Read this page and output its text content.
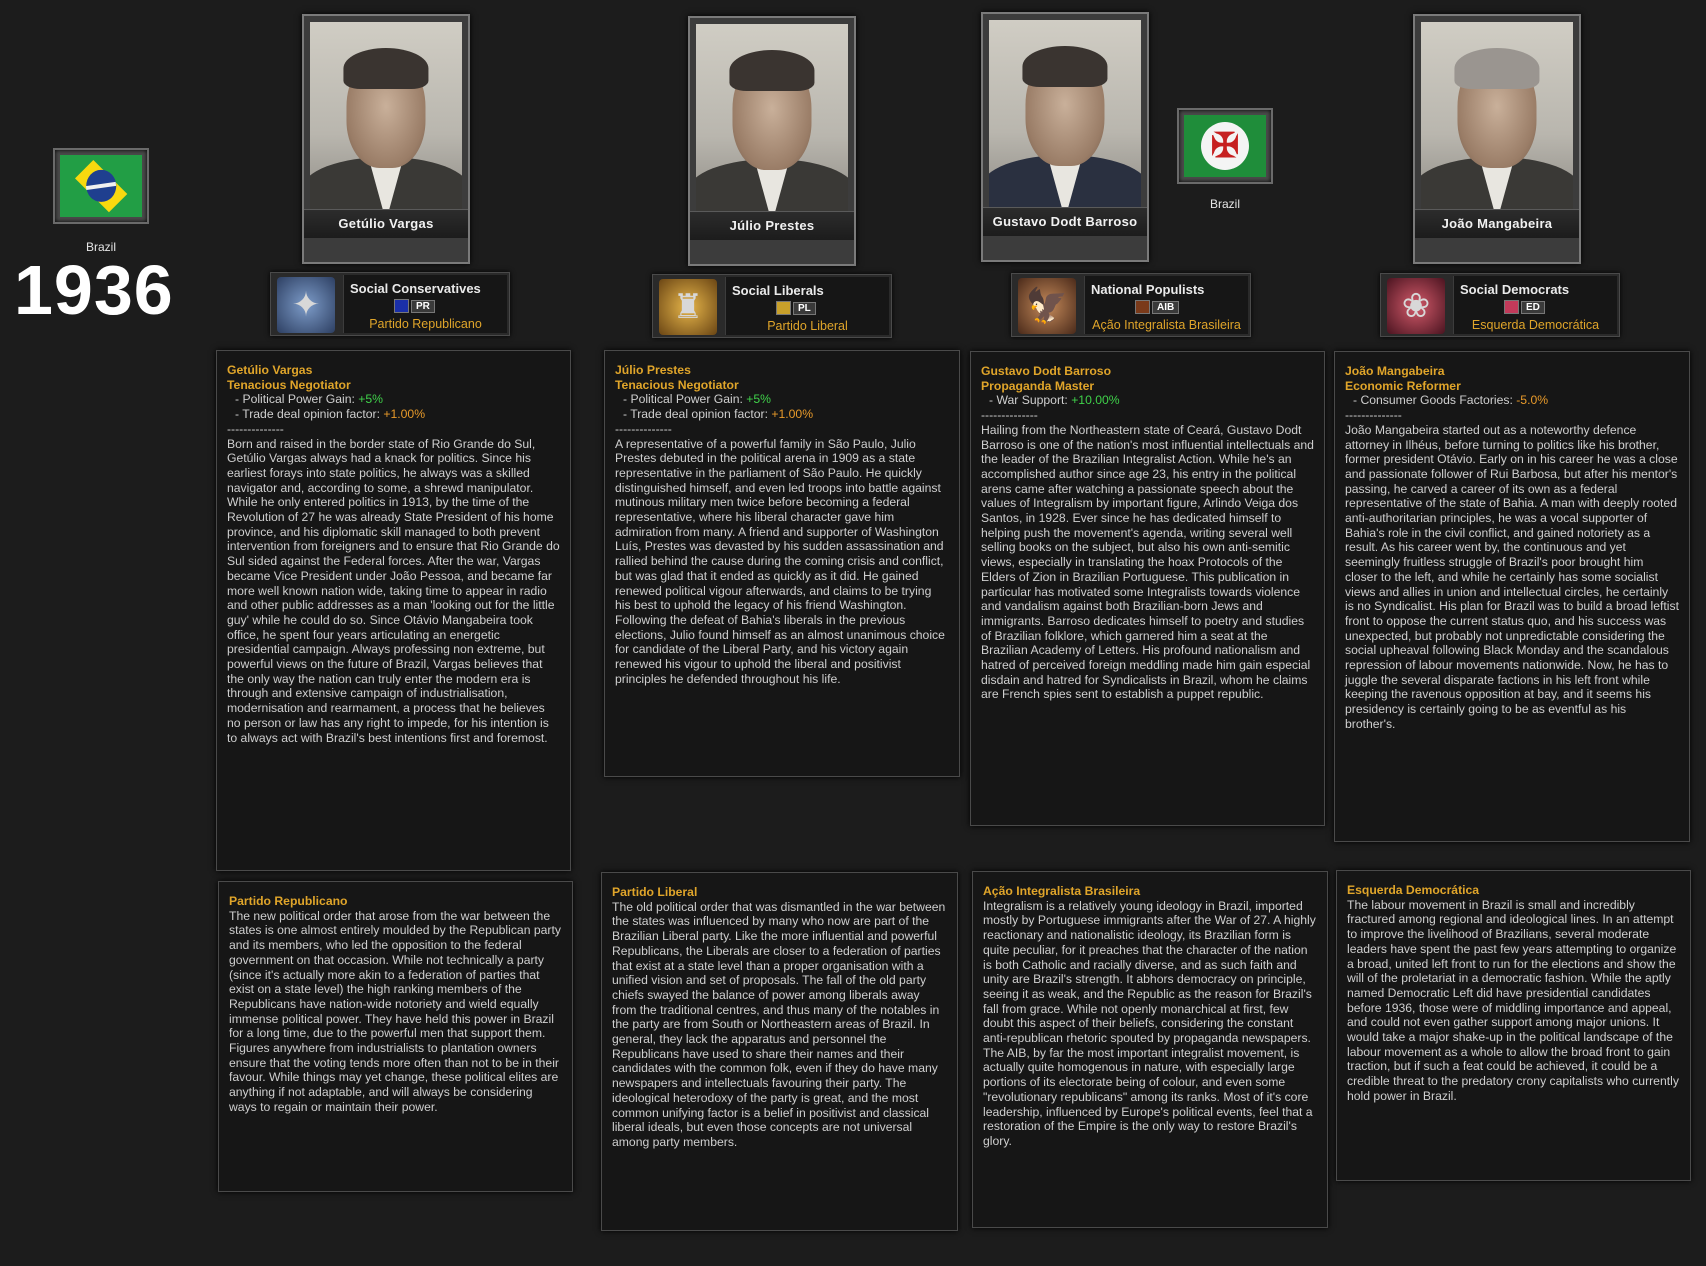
Brazil
1936
✠
Brazil
Getúlio Vargas	Júlio Prestes	Gustavo Dodt Barroso	João Mangabeira
✦	Social Conservatives
PR
Partido Republicano	♜	Social Liberals
PL
Partido Liberal
🦅	National Populists
AIB
Ação Integralista Brasileira	❀	Social Democrats
ED
Esquerda Democrática
Getúlio Vargas
Tenacious Negotiator
- Political Power Gain: +5%
- Trade deal opinion factor: +1.00%
--------------
Born and raised in the border state of Rio Grande do Sul, Getúlio Vargas always had a knack for politics. Since his earliest forays into state politics, he always was a skilled navigator and, according to some, a shrewd manipulator. While he only entered politics in 1913, by the time of the Revolution of 27 he was already State President of his home province, and his diplomatic skill managed to both prevent intervention from foreigners and to ensure that Rio Grande do Sul sided against the Federal forces. After the war, Vargas became Vice President under João Pessoa, and became far more well known nation wide, taking time to appear in radio and other public addresses as a man 'looking out for the little guy' while he could do so. Since Otávio Mangabeira took office, he spent four years articulating an energetic presidential campaign. Always professing non extreme, but powerful views on the future of Brazil, Vargas believes that the only way the nation can truly enter the modern era is through and extensive campaign of industrialisation, modernisation and rearmament, a process that he believes no person or law has any right to impede, for his intention is to always act with Brazil's best intentions first and foremost.
Júlio Prestes
Tenacious Negotiator
- Political Power Gain: +5%
- Trade deal opinion factor: +1.00%
--------------
A representative of a powerful family in São Paulo, Julio Prestes debuted in the political arena in 1909 as a state representative in the parliament of São Paulo. He quickly distinguished himself, and even led troops into battle against mutinous military men twice before becoming a federal representative, where his liberal character gave him admiration from many. A friend and supporter of Washington Luís, Prestes was devasted by his sudden assassination and rallied behind the cause during the coming crisis and conflict, but was glad that it ended as quickly as it did. He gained renewed political vigour afterwards, and claims to be trying his best to uphold the legacy of his friend Washington. Following the defeat of Bahia's liberals in the previous elections, Julio found himself as an almost unanimous choice for candidate of the Liberal Party, and his victory again renewed his vigour to uphold the liberal and positivist principles he defended throughout his life.
Gustavo Dodt Barroso
Propaganda Master
- War Support: +10.00%
--------------
Hailing from the Northeastern state of Ceará, Gustavo Dodt Barroso is one of the nation's most influential intellectuals and the leader of the Brazilian Integralist Action. While he's an accomplished author since age 23, his entry in the political arens came after watching a passionate speech about the values of Integralism by important figure, Arlindo Veiga dos Santos, in 1928. Ever since he has dedicated himself to helping push the movement's agenda, writing several well selling books on the subject, but also his own anti-semitic views, especially in translating the hoax Protocols of the Elders of Zion in Brazilian Portuguese. This publication in particular has motivated some Integralists towards violence and vandalism against both Brazilian-born Jews and immigrants. Barroso dedicates himself to poetry and studies of Brazilian folklore, which garnered him a seat at the Brazilian Academy of Letters. His profound nationalism and hatred of perceived foreign meddling made him gain especial disdain and hatred for Syndicalists in Brazil, whom he claims are French spies sent to establish a puppet republic.
João Mangabeira
Economic Reformer
- Consumer Goods Factories: -5.0%
--------------
João Mangabeira started out as a noteworthy defence attorney in Ilhéus, before turning to politics like his brother, former president Otávio. Early on in his career he was a close and passionate follower of Rui Barbosa, but after his mentor's passing, he carved a career of its own as a federal representative of the state of Bahia. A man with deeply rooted anti-authoritarian principles, he was a vocal supporter of Bahia's role in the civil conflict, and gained notoriety as a result. As his career went by, the continuous and yet seemingly fruitless struggle of Brazil's poor brought him closer to the left, and while he certainly has some socialist views and allies in union and intellectual circles, he certainly is no Syndicalist. His plan for Brazil was to build a broad leftist front to oppose the current status quo, and his success was unexpected, but probably not unpredictable considering the social upheaval following Black Monday and the scandalous repression of labour movements nationwide. Now, he has to juggle the several disparate factions in his left front while keeping the ravenous opposition at bay, and it seems his presidency is certainly going to be as eventful as his brother's.
Partido Republicano
The new political order that arose from the war between the states is one almost entirely moulded by the Republican party and its members, who led the opposition to the federal government on that occasion. While not technically a party (since it's actually more akin to a federation of parties that exist on a state level) the high ranking members of the Republicans have nation-wide notoriety and wield equally immense political power. They have held this power in Brazil for a long time, due to the powerful men that support them. Figures anywhere from industrialists to plantation owners ensure that the voting tends more often than not to be in their favour. While things may yet change, these political elites are anything if not adaptable, and will always be considering ways to regain or maintain their power.
Partido Liberal
The old political order that was dismantled in the war between the states was influenced by many who now are part of the Brazilian Liberal party. Like the more influential and powerful Republicans, the Liberals are closer to a federation of parties that exist at a state level than a proper organisation with a unified vision and set of proposals. The fall of the old party chiefs swayed the balance of power among liberals away from the traditional centres, and thus many of the notables in the party are from South or Northeastern areas of Brazil. In general, they lack the apparatus and personnel the Republicans have used to share their names and their candidates with the common folk, even if they do have many newspapers and intellectuals favouring their party. The ideological heterodoxy of the party is great, and the most common unifying factor is a belief in positivist and classical liberal ideals, but even those concepts are not universal among party members.
Ação Integralista Brasileira
Integralism is a relatively young ideology in Brazil, imported mostly by Portuguese immigrants after the War of 27. A highly reactionary and nationalistic ideology, its Brazilian form is quite peculiar, for it preaches that the character of the nation is both Catholic and racially diverse, and as such faith and unity are Brazil's strength. It abhors democracy on principle, seeing it as weak, and the Republic as the reason for Brazil's fall from grace. While not openly monarchical at first, few doubt this aspect of their beliefs, considering the constant anti-republican rhetoric spouted by propaganda newspapers. The AIB, by far the most important integralist movement, is actually quite homogenous in nature, with especially large portions of its electorate being of colour, and even some "revolutionary republicans" among its ranks. Most of it's core leadership, influenced by Europe's political events, feel that a restoration of the Empire is the only way to restore Brazil's glory.
Esquerda Democrática
The labour movement in Brazil is small and incredibly fractured among regional and ideological lines. In an attempt to improve the livelihood of Brazilians, several moderate leaders have spent the past few years attempting to organize a broad, united left front to run for the elections and show the will of the proletariat in a democratic fashion. While the aptly named Democratic Left did have presidential candidates before 1936, those were of middling importance and appeal, and could not even gather support among major unions. It would take a major shake-up in the political landscape of the labour movement as a whole to allow the broad front to gain traction, but if such a feat could be achieved, it could be a credible threat to the predatory crony capitalists who currently hold power in Brazil.
